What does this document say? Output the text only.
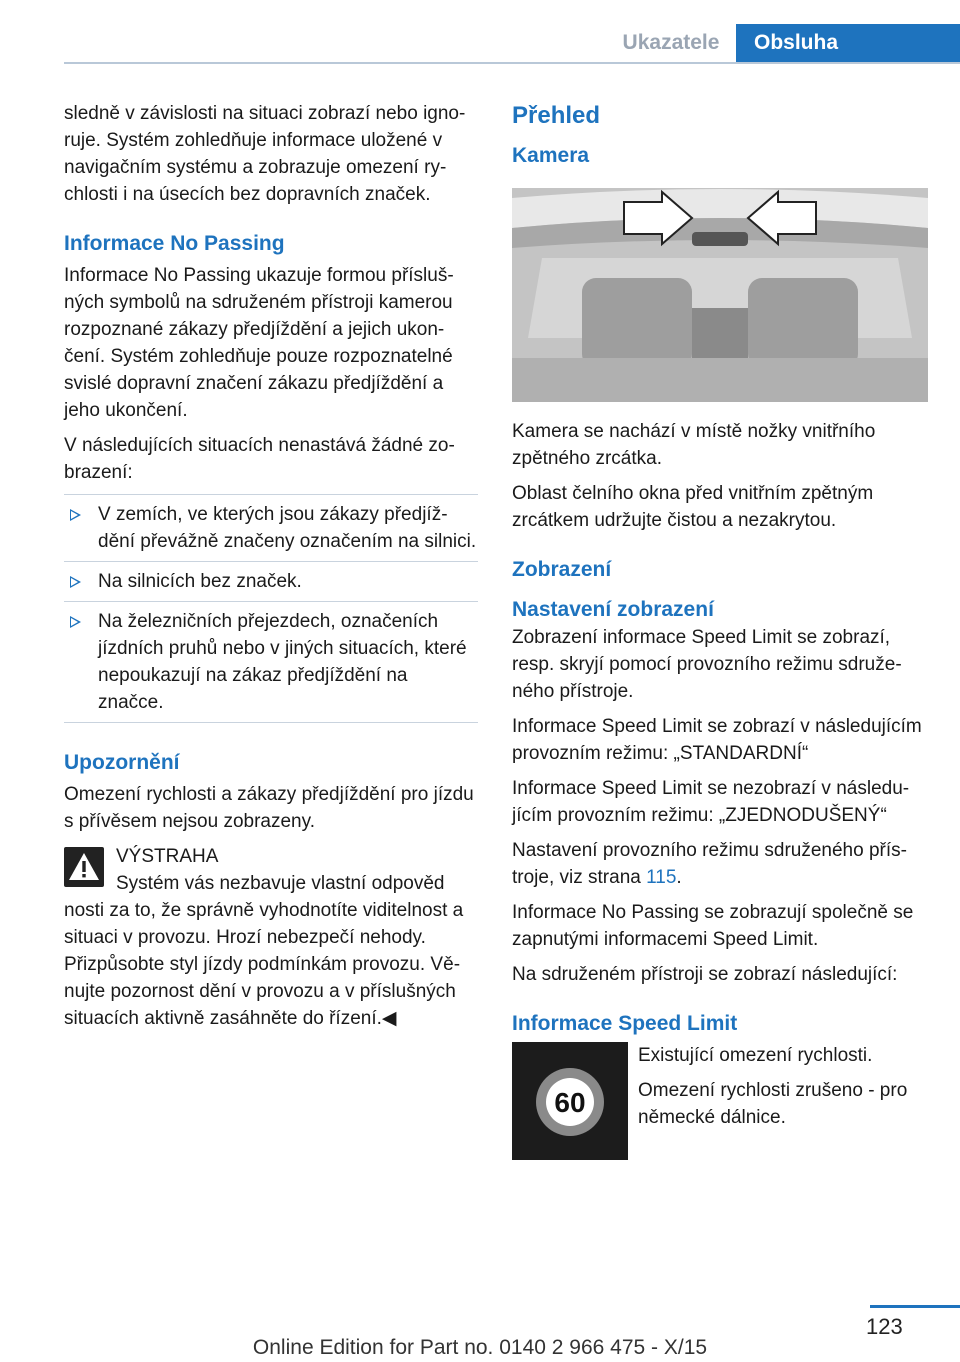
Ukazatele	Obsluha

sledně v závislosti na situaci zobrazí nebo ignoruje. Systém zohledňuje informace uložené v navigačním systému a zobrazuje omezení rychlosti i na úsecích bez dopravních značek.

Informace No Passing

Informace No Passing ukazuje formou příslušných symbolů na sdruženém přístroji kamerou rozpoznané zákazy předjíždění a jejich ukončení. Systém zohledňuje pouze rozpoznatelné svislé dopravní značení zákazu předjíždění a jeho ukončení.

V následujících situacích nenastává žádné zobrazení:

V zemích, ve kterých jsou zákazy předjíždění převážně značeny označením na silnici.
Na silnicích bez značek.
Na železničních přejezdech, označeních jízdních pruhů nebo v jiných situacích, které nepoukazují na zákaz předjíždění na značce.
Upozornění

Omezení rychlosti a zákazy předjíždění pro jízdu s přívěsem nejsou zobrazeny.

VÝSTRAHA

Systém vás nezbavuje vlastní odpověd

nosti za to, že správně vyhodnotíte viditelnost a situaci v provozu. Hrozí nebezpečí nehody. Přizpůsobte styl jízdy podmínkám provozu. Věnujte pozornost dění v provozu a v příslušných situacích aktivně zasáhněte do řízení.◀

Přehled
Kamera

Kamera se nachází v místě nožky vnitřního zpětného zrcátka.

Oblast čelního okna před vnitřním zpětným zrcátkem udržujte čistou a nezakrytou.

Zobrazení
Nastavení zobrazení

Zobrazení informace Speed Limit se zobrazí, resp. skryjí pomocí provozního režimu sdruženého přístroje.

Informace Speed Limit se zobrazí v následujícím provozním režimu: „STANDARDNÍ“

Informace Speed Limit se nezobrazí v následujícím provozním režimu: „ZJEDNODUŠENÝ“

Nastavení provozního režimu sdruženého přístroje, viz strana 115.

Informace No Passing se zobrazují společně se zapnutými informacemi Speed Limit.

Na sdruženém přístroji se zobrazí následující:

Informace Speed Limit
60

Existující omezení rychlosti.

Omezení rychlosti zrušeno - pro německé dálnice.

123
Online Edition for Part no. 0140 2 966 475 - X/15
